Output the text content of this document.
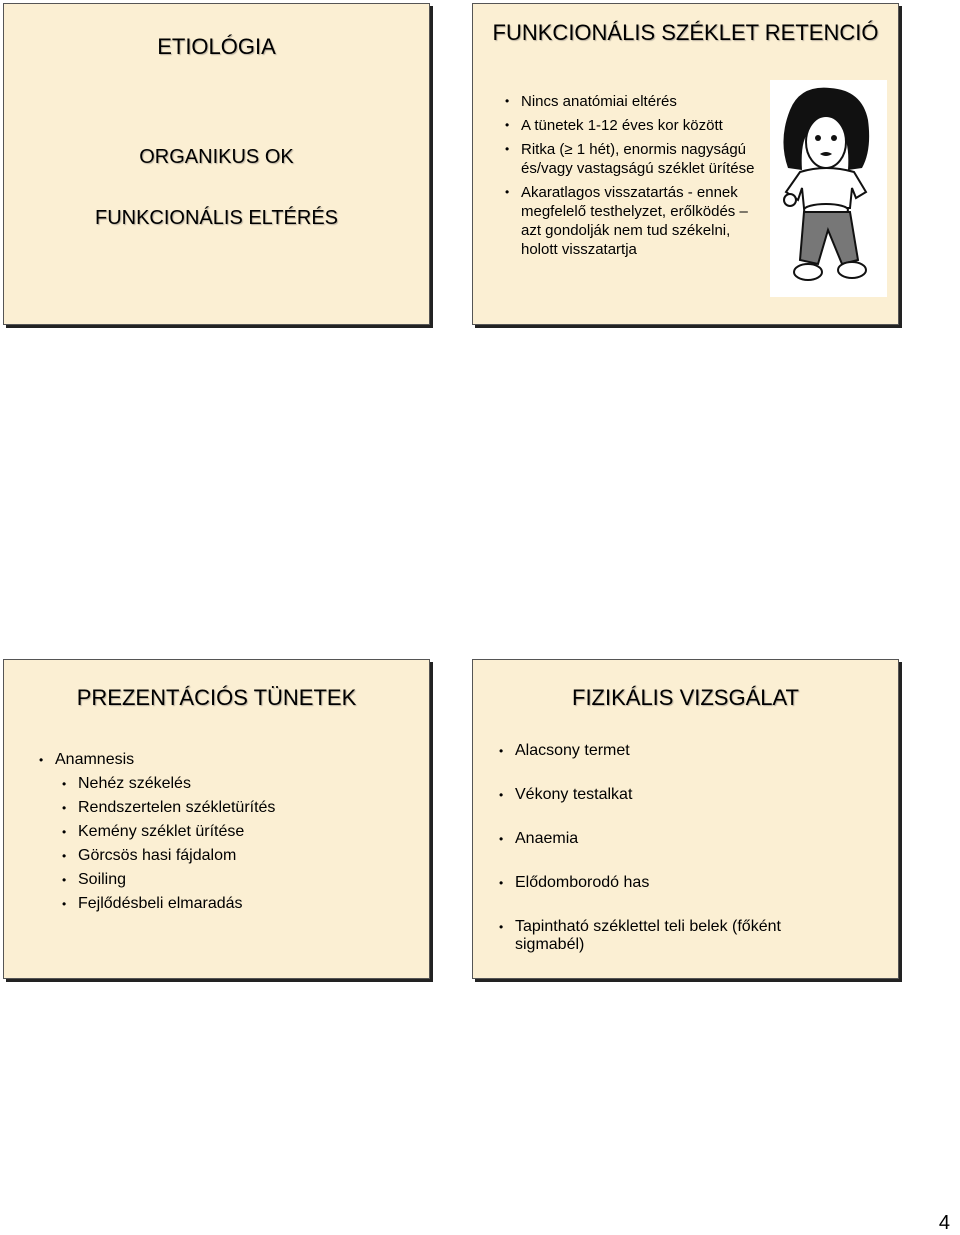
ETIOLÓGIA
ORGANIKUS OK
FUNKCIONÁLIS ELTÉRÉS
FUNKCIONÁLIS SZÉKLET RETENCIÓ
• Nincs anatómiai eltérés
• A tünetek 1-12 éves kor között
• Ritka (≥ 1 hét), enormis nagyságú és/vagy vastagságú széklet ürítése
• Akaratlagos visszatartás - ennek megfelelő testhelyzet, erőlködés – azt gondolják nem tud székelni, holott visszatartja
PREZENTÁCIÓS TÜNETEK
• Anamnesis
• Nehéz székelés
• Rendszertelen székletürítés
• Kemény széklet ürítése
• Görcsös hasi fájdalom
• Soiling
• Fejlődésbeli elmaradás
FIZIKÁLIS VIZSGÁLAT
• Alacsony termet
• Vékony testalkat
• Anaemia
• Elődomborodó has
• Tapintható széklettel teli belek (főként sigmabél)
4
